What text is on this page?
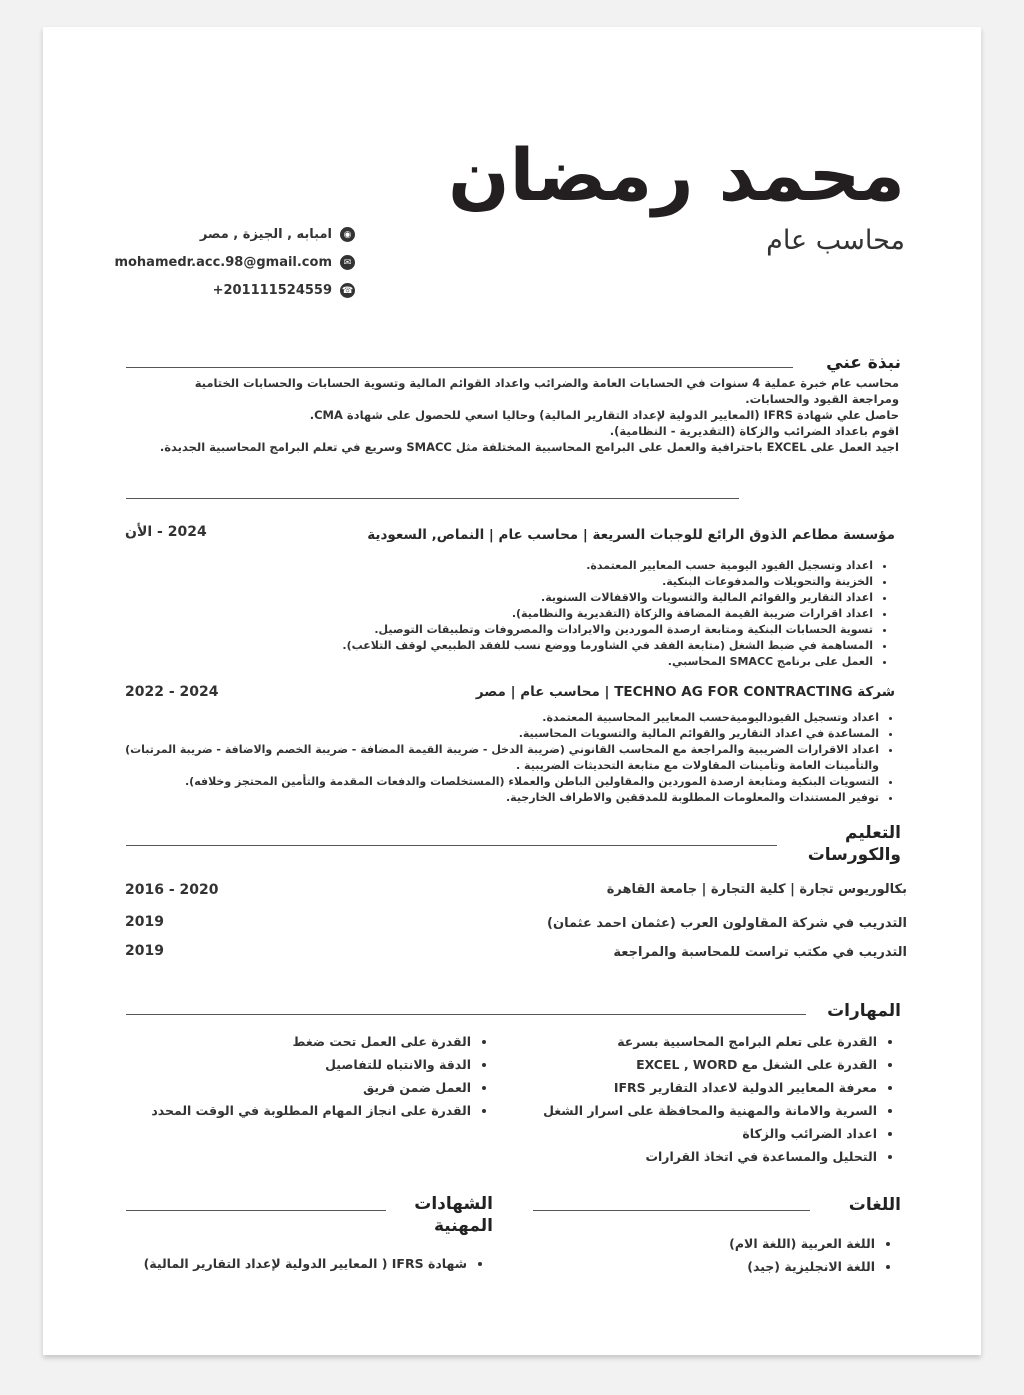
محمد رمضان
محاسب عام
◉
امبابه , الجيزة , مصر
✉
mohamedr.acc.98@gmail.com
☎
+201111524559
نبذة عني
محاسب عام خبرة عملية 4 سنوات في الحسابات العامة والضرائب واعداد القوائم المالية وتسوية الحسابات والحسابات الختامية ومراجعة القيود والحسابات.
حاصل علي شهادة IFRS (المعايير الدولية لإعداد التقارير المالية) وحاليا اسعي للحصول على شهادة CMA.
اقوم باعداد الضرائب والزكاة (التقديرية - النظامية).
اجيد العمل على EXCEL باحترافية والعمل على البرامج المحاسبية المختلفة مثل SMACC وسريع في تعلم البرامج المحاسبية الجديدة.
مؤسسة مطاعم الذوق الرائع للوجبات السريعة | محاسب عام | النماص, السعودية
2024 - الأن
• اعداد وتسجيل القيود اليومية حسب المعايير المعتمدة.
• الخزينة والتحويلات والمدفوعات البنكية.
• اعداد التقارير والقوائم المالية والتسويات والاقفالات السنوية.
• اعداد اقرارات ضريبة القيمة المضافة والزكاة (التقديرية والنظامية).
• تسوية الحسابات البنكية ومتابعة ارصدة الموردين والايرادات والمصروفات وتطبيقات التوصيل.
• المساهمة في ضبط الشغل (متابعة الفقد في الشاورما ووضع نسب للفقد الطبيعي لوقف التلاعب).
• العمل على برنامج SMACC المحاسبي.
شركة TECHNO AG FOR CONTRACTING | محاسب عام | مصر
2024 - 2022
• اعداد وتسجيل القيوداليوميةحسب المعايير المحاسبية المعتمدة.
• المساعدة في اعداد التقارير والقوائم المالية والتسويات المحاسبية.
• اعداد الاقرارات الضريبية والمراجعة مع المحاسب القانوني (ضريبة الدخل - ضريبة القيمة المضافة - ضريبة الخصم والاضافة - ضريبة المرتبات) والتأمينات العامة وتأمينات المقاولات مع متابعة التحديثات الضريبية .
• التسويات البنكية ومتابعة ارصدة الموردين والمقاولين الباطن والعملاء (المستخلصات والدفعات المقدمة والتأمين المحتجز وخلافه).
• توفير المستندات والمعلومات المطلوبة للمدققين والاطراف الخارجية.
التعليم
والكورسات
بكالوريوس تجارة | كلية التجارة | جامعة القاهرة
2020 - 2016
التدريب في شركة المقاولون العرب (عثمان احمد عثمان)
2019
التدريب في مكتب تراست للمحاسبة والمراجعة
2019
المهارات
• القدرة على تعلم البرامج المحاسبية بسرعة
• القدرة على الشغل مع EXCEL , WORD
• معرفة المعايير الدولية لاعداد التقارير IFRS
• السرية والامانة والمهنية والمحافظة على اسرار الشغل
• اعداد الضرائب والزكاة
• التحليل والمساعدة في اتخاذ القرارات
• القدرة على العمل تحت ضغط
• الدقة والانتباه للتفاصيل
• العمل ضمن فريق
• القدرة على انجاز المهام المطلوبة في الوقت المحدد
اللغات
• اللغة العربية (اللغة الام)
• اللغة الانجليزية (جيد)
الشهادات
المهنية
• شهادة IFRS ( المعايير الدولية لإعداد التقارير المالية)
